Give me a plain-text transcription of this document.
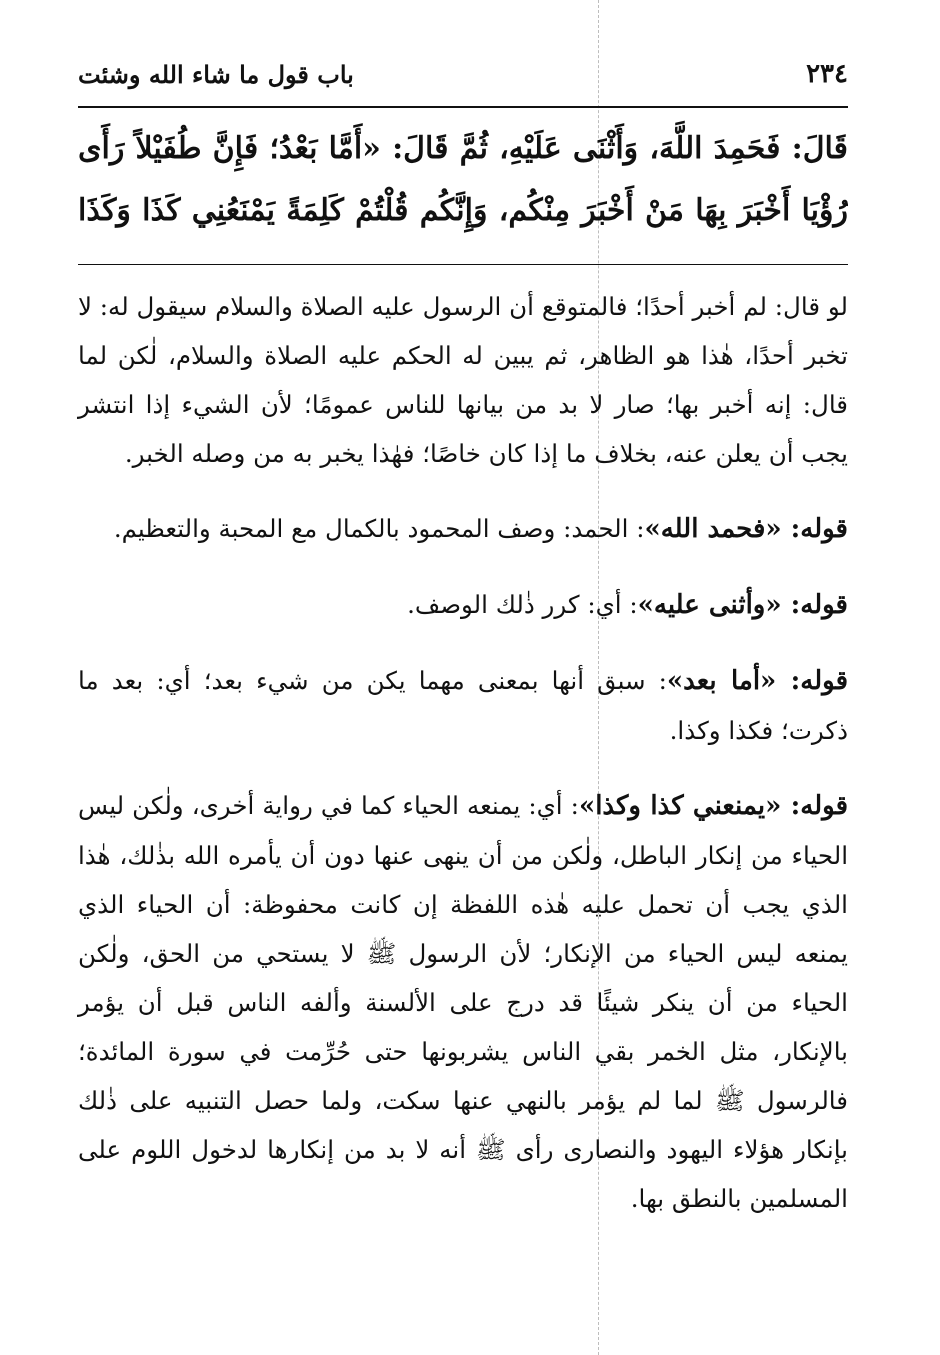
٢٣٤
باب قول ما شاء الله وشئت

قَالَ: فَحَمِدَ اللَّهَ، وَأَثْنَى عَلَيْهِ، ثُمَّ قَالَ: «أَمَّا بَعْدُ؛ فَإِنَّ طُفَيْلاً رَأَى

رُؤْيَا أَخْبَرَ بِهَا مَنْ أَخْبَرَ مِنْكُم، وَإِنَّكُم قُلْتُمْ كَلِمَةً يَمْنَعُنِي كَذَا وَكَذَا

لو قال: لم أخبر أحدًا؛ فالمتوقع أن الرسول عليه الصلاة والسلام سيقول له: لا تخبر أحدًا، هٰذا هو الظاهر، ثم يبين له الحكم عليه الصلاة والسلام، لٰكن لما قال: إنه أخبر بها؛ صار لا بد من بيانها للناس عمومًا؛ لأن الشيء إذا انتشر يجب أن يعلن عنه، بخلاف ما إذا كان خاصًا؛ فهٰذا يخبر به من وصله الخبر.

قوله: «فحمد الله»: الحمد: وصف المحمود بالكمال مع المحبة والتعظيم.

قوله: «وأثنى عليه»: أي: كرر ذٰلك الوصف.

قوله: «أما بعد»: سبق أنها بمعنى مهما يكن من شيء بعد؛ أي: بعد ما ذكرت؛ فكذا وكذا.

قوله: «يمنعني كذا وكذا»: أي: يمنعه الحياء كما في رواية أخرى، ولٰكن ليس الحياء من إنكار الباطل، ولٰكن من أن ينهى عنها دون أن يأمره الله بذٰلك، هٰذا الذي يجب أن تحمل عليه هٰذه اللفظة إن كانت محفوظة: أن الحياء الذي يمنعه ليس الحياء من الإنكار؛ لأن الرسول ﷺ لا يستحي من الحق، ولٰكن الحياء من أن ينكر شيئًا قد درج على الألسنة وألفه الناس قبل أن يؤمر بالإنكار، مثل الخمر بقي الناس يشربونها حتى حُرِّمت في سورة المائدة؛ فالرسول ﷺ لما لم يؤمر بالنهي عنها سكت، ولما حصل التنبيه على ذٰلك بإنكار هؤلاء اليهود والنصارى رأى ﷺ أنه لا بد من إنكارها لدخول اللوم على المسلمين بالنطق بها.
